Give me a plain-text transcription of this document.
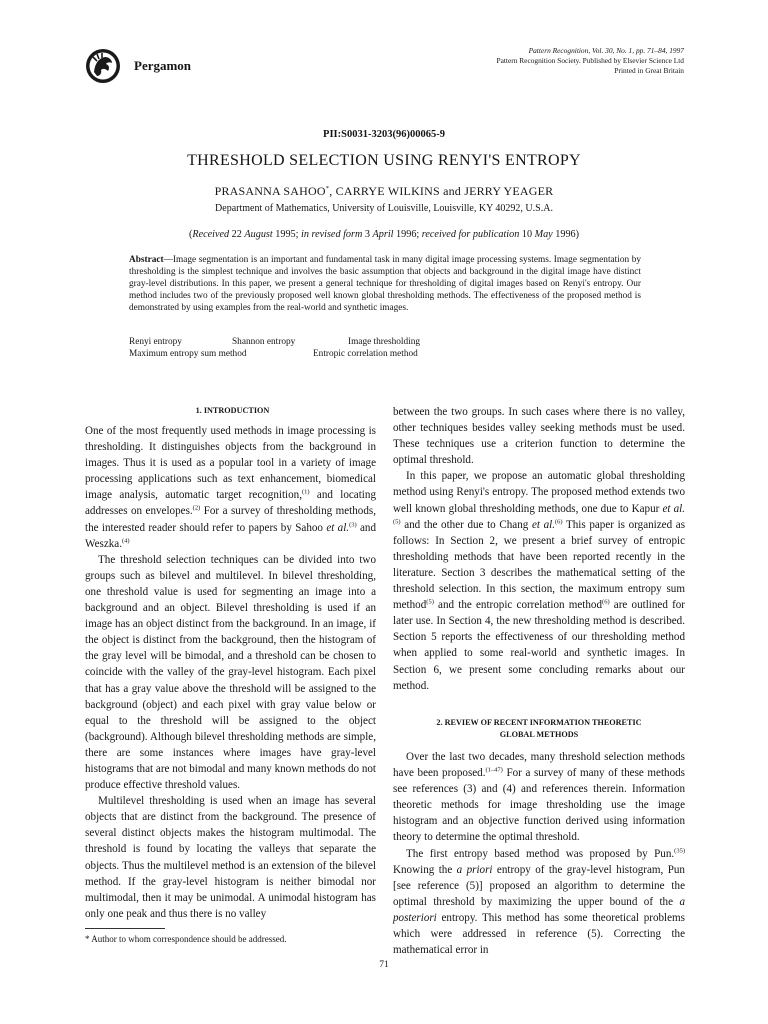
Pergamon
Pattern Recognition, Vol. 30, No. 1, pp. 71–84, 1997
Pattern Recognition Society. Published by Elsevier Science Ltd
Printed in Great Britain
PII:S0031-3203(96)00065-9
THRESHOLD SELECTION USING RENYI'S ENTROPY
PRASANNA SAHOO*, CARRYE WILKINS and JERRY YEAGER
Department of Mathematics, University of Louisville, Louisville, KY 40292, U.S.A.
(Received 22 August 1995; in revised form 3 April 1996; received for publication 10 May 1996)
Abstract—Image segmentation is an important and fundamental task in many digital image processing systems. Image segmentation by thresholding is the simplest technique and involves the basic assumption that objects and background in the digital image have distinct gray-level distributions. In this paper, we present a general technique for thresholding of digital images based on Renyi's entropy. Our method includes two of the previously proposed well known global thresholding methods. The effectiveness of the proposed method is demonstrated by using examples from the real-world and synthetic images.
Renyi entropy	Shannon entropy	Image thresholding
Maximum entropy sum method	Entropic correlation method
1. INTRODUCTION

One of the most frequently used methods in image processing is thresholding. It distinguishes objects from the background in images. Thus it is used as a popular tool in a variety of image processing applications such as text enhancement, biomedical image analysis, automatic target recognition,$^{(1)}$ and locating addresses on envelopes.$^{(2)}$ For a survey of thresholding methods, the interested reader should refer to papers by Sahoo et al.$^{(3)}$ and Weszka.$^{(4)}$

The threshold selection techniques can be divided into two groups such as bilevel and multilevel. In bilevel thresholding, one threshold value is used for segmenting an image into a background and an object. Bilevel thresholding is used if an image has an object distinct from the background. In an image, if the object is distinct from the background, then the histogram of the gray level will be bimodal, and a threshold can be chosen to coincide with the valley of the gray-level histogram. Each pixel that has a gray value above the threshold will be assigned to the background (object) and each pixel with gray value below or equal to the threshold will be assigned to the object (background). Although bilevel thresholding methods are simple, there are some instances where images have gray-level histograms that are not bimodal and many known methods do not produce effective threshold values.

Multilevel thresholding is used when an image has several objects that are distinct from the background. The presence of several distinct objects makes the histogram multimodal. The threshold is found by locating the valleys that separate the objects. Thus the multilevel method is an extension of the bilevel method. If the gray-level histogram is neither bimodal nor multimodal, then it may be unimodal. A unimodal histogram has only one peak and thus there is no valley

between the two groups. In such cases where there is no valley, other techniques besides valley seeking methods must be used. These techniques use a criterion function to determine the optimal threshold.

In this paper, we propose an automatic global thresholding method using Renyi's entropy. The proposed method extends two well known global thresholding methods, one due to Kapur et al.$^{(5)}$ and the other due to Chang et al.$^{(6)}$ This paper is organized as follows: In Section 2, we present a brief survey of entropic thresholding methods that have been reported recently in the literature. Section 3 describes the mathematical setting of the threshold selection. In this section, the maximum entropy sum method$^{(5)}$ and the entropic correlation method$^{(6)}$ are outlined for later use. In Section 4, the new thresholding method is described. Section 5 reports the effectiveness of our thresholding method when applied to some real-world and synthetic images. In Section 6, we present some concluding remarks about our method.

2. REVIEW OF RECENT INFORMATION THEORETIC
GLOBAL METHODS

Over the last two decades, many threshold selection methods have been proposed.$^{(1-47)}$ For a survey of many of these methods see references (3) and (4) and references therein. Information theoretic methods for image thresholding use the image histogram and an objective function derived using information theory to determine the optimal threshold.

The first entropy based method was proposed by Pun.$^{(35)}$ Knowing the a priori entropy of the gray-level histogram, Pun [see reference (5)] proposed an algorithm to determine the optimal threshold by maximizing the upper bound of the a posteriori entropy. This method has some theoretical problems which were addressed in reference (5). Correcting the mathematical error in

* Author to whom correspondence should be addressed.
71
